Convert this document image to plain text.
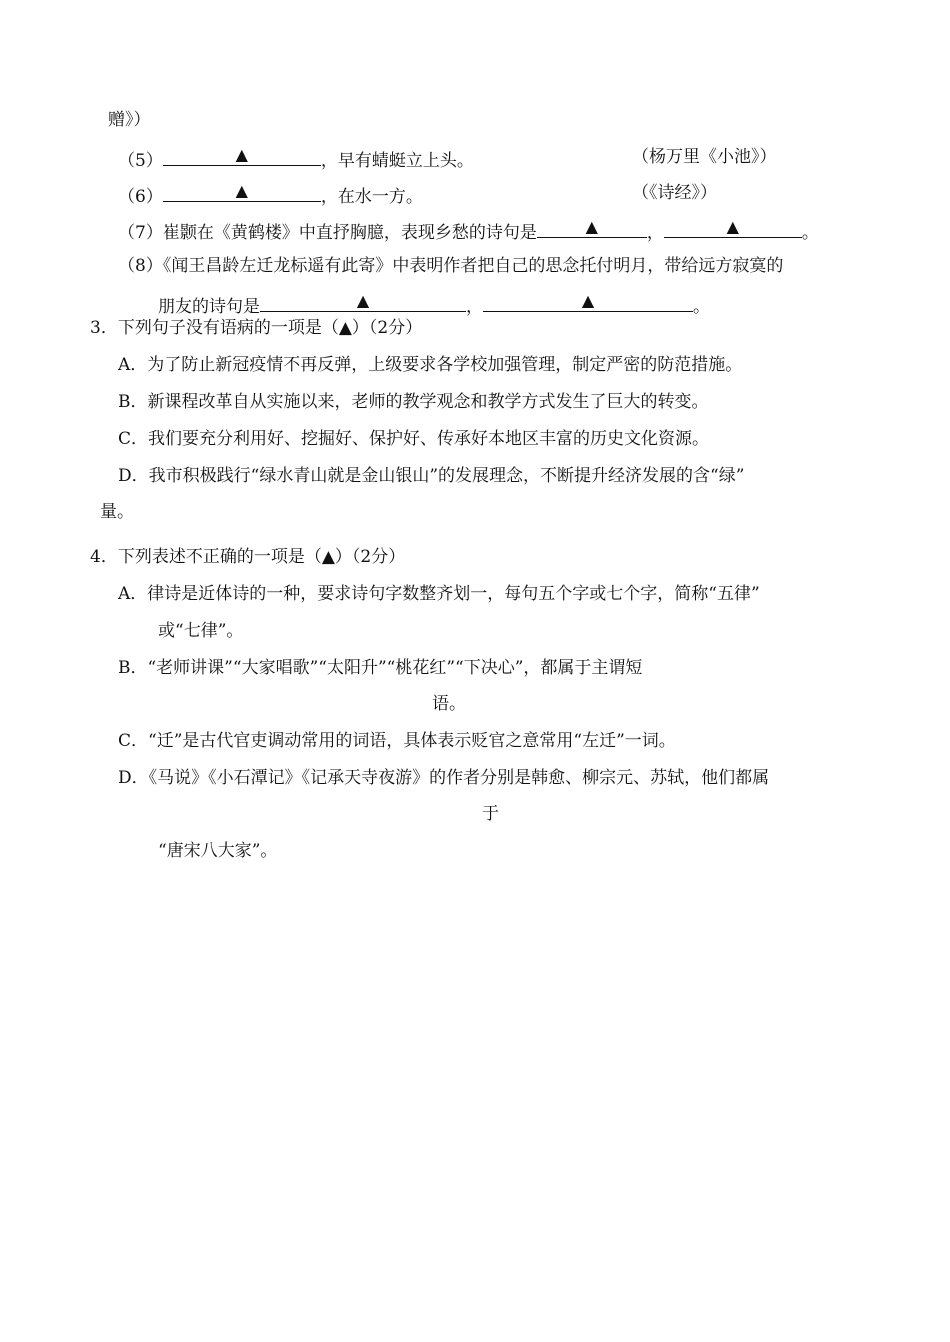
赠》）
（5）	▲	，早有蜻蜓立上头。	（杨万里《小池》）
（6）	▲	，在水一方。	（《诗经》）
（7）崔颢在《黄鹤楼》中直抒胸臆，表现乡愁的诗句是	▲	，	▲	。
（8）《闻王昌龄左迁龙标遥有此寄》中表明作者把自己的思念托付明月，带给远方寂寞的
朋友的诗句是	▲	，	▲	。
3．下列句子没有语病的一项是（▲）（2分）
A．为了防止新冠疫情不再反弹，上级要求各学校加强管理，制定严密的防范措施。
B．新课程改革自从实施以来，老师的教学观念和教学方式发生了巨大的转变。
C．我们要充分利用好、挖掘好、保护好、传承好本地区丰富的历史文化资源。
D．我市积极践行“绿水青山就是金山银山”的发展理念，不断提升经济发展的含“绿”
量。
4．下列表述不正确的一项是（▲）（2分）
A．律诗是近体诗的一种，要求诗句字数整齐划一，每句五个字或七个字，简称“五律”
或“七律”。
B．“老师讲课”“大家唱歌”“太阳升”“桃花红”“下决心”，都属于主谓短
语。
C．“迁”是古代官吏调动常用的词语，具体表示贬官之意常用“左迁”一词。
D．《马说》《小石潭记》《记承天寺夜游》的作者分别是韩愈、柳宗元、苏轼，他们都属
于
“唐宋八大家”。
